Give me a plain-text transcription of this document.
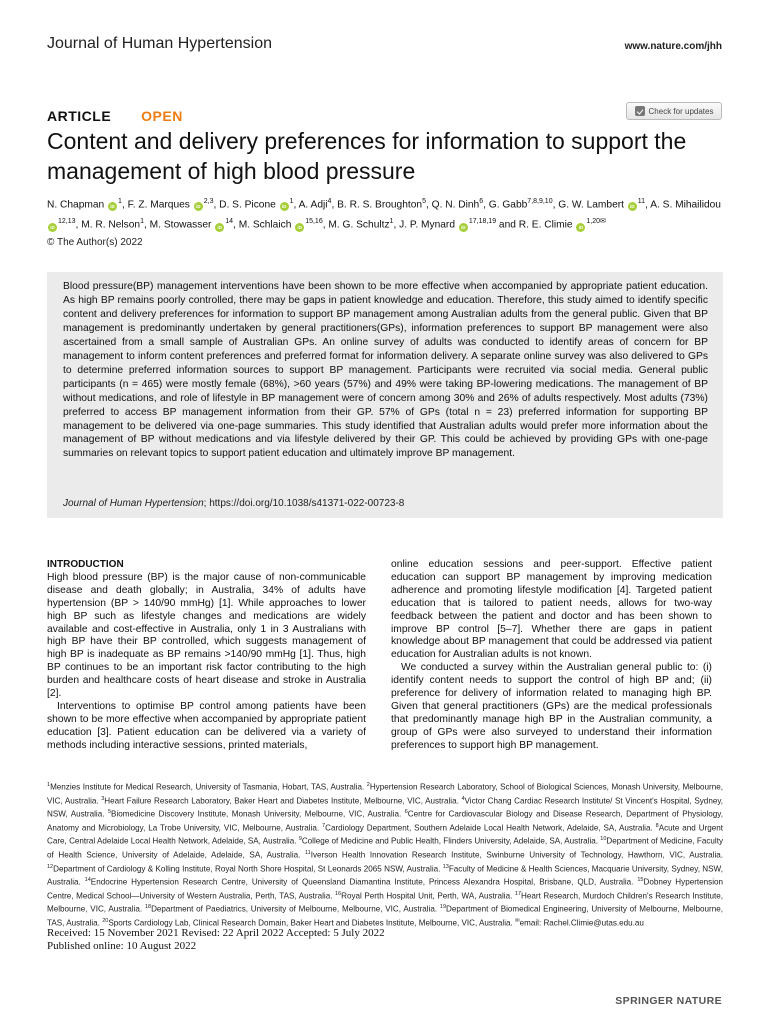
Journal of Human Hypertension	www.nature.com/jhh
ARTICLE OPEN	Check for updates
Content and delivery preferences for information to support the management of high blood pressure
N. Chapman $iD^1$, F. Z. Marques iD$^{2,3}$, D. S. Picone $iD^1$, A. Adji$^4$, B. R. S. Broughton$^5$, Q. N. Dinh$^6$, G. Gabb$^{7,8,9,10}$, G. W. Lambert $iD^{11}$, A. S. Mihailidou iD$^{12,13}$, M. R. Nelson$^1$, M. Stowasser $iD^{14}$, M. Schlaich iD$^{15,16}$, M. G. Schultz$^1$, J. P. Mynard iD$^{17,18,19}$ and R. E. Climie $iD^{1,20✉}$
© The Author(s) 2022
Blood pressure(BP) management interventions have been shown to be more effective when accompanied by appropriate patient education. As high BP remains poorly controlled, there may be gaps in patient knowledge and education. Therefore, this study aimed to identify specific content and delivery preferences for information to support BP management among Australian adults from the general public. Given that BP management is predominantly undertaken by general practitioners(GPs), information preferences to support BP management were also ascertained from a small sample of Australian GPs. An online survey of adults was conducted to identify areas of concern for BP management to inform content preferences and preferred format for information delivery. A separate online survey was also delivered to GPs to determine preferred information sources to support BP management. Participants were recruited via social media. General public participants (n = 465) were mostly female (68%), >60 years (57%) and 49% were taking BP-lowering medications. The management of BP without medications, and role of lifestyle in BP management were of concern among 30% and 26% of adults respectively. Most adults (73%) preferred to access BP management information from their GP. 57% of GPs (total n = 23) preferred information for supporting BP management to be delivered via one-page summaries. This study identified that Australian adults would prefer more information about the management of BP without medications and via lifestyle delivered by their GP. This could be achieved by providing GPs with one-page summaries on relevant topics to support patient education and ultimately improve BP management.
Journal of Human Hypertension; https://doi.org/10.1038/s41371-022-00723-8

INTRODUCTION

High blood pressure (BP) is the major cause of non-communicable disease and death globally; in Australia, 34% of adults have hypertension (BP > 140/90 mmHg) [1]. While approaches to lower high BP such as lifestyle changes and medications are widely available and cost-effective in Australia, only 1 in 3 Australians with high BP have their BP controlled, which suggests management of high BP is inadequate as BP remains >140/90 mmHg [1]. Thus, high BP continues to be an important risk factor contributing to the high burden and healthcare costs of heart disease and stroke in Australia [2].

Interventions to optimise BP control among patients have been shown to be more effective when accompanied by appropriate patient education [3]. Patient education can be delivered via a variety of methods including interactive sessions, printed materials,

online education sessions and peer-support. Effective patient education can support BP management by improving medication adherence and promoting lifestyle modification [4]. Targeted patient education that is tailored to patient needs, allows for two-way feedback between the patient and doctor and has been shown to improve BP control [5–7]. Whether there are gaps in patient knowledge about BP management that could be addressed via patient education for Australian adults is not known.

We conducted a survey within the Australian general public to: (i) identify content needs to support the control of high BP and; (ii) preference for delivery of information related to managing high BP. Given that general practitioners (GPs) are the medical professionals that predominantly manage high BP in the Australian community, a group of GPs were also surveyed to understand their information preferences to support high BP management.

$^1$Menzies Institute for Medical Research, University of Tasmania, Hobart, TAS, Australia. $^2$Hypertension Research Laboratory, School of Biological Sciences, Monash University, Melbourne, VIC, Australia. $^3$Heart Failure Research Laboratory, Baker Heart and Diabetes Institute, Melbourne, VIC, Australia. $^4$Victor Chang Cardiac Research Institute/ St Vincent's Hospital, Sydney, NSW, Australia. $^5$Biomedicine Discovery Institute, Monash University, Melbourne, VIC, Australia. $^6$Centre for Cardiovascular Biology and Disease Research, Department of Physiology, Anatomy and Microbiology, La Trobe University, VIC, Melbourne, Australia. $^7$Cardiology Department, Southern Adelaide Local Health Network, Adelaide, SA, Australia. $^8$Acute and Urgent Care, Central Adelaide Local Health Network, Adelaide, SA, Australia. $^9$College of Medicine and Public Health, Flinders University, Adelaide, SA, Australia. $^{10}$Department of Medicine, Faculty of Health Science, University of Adelaide, Adelaide, SA, Australia. $^{11}$Iverson Health Innovation Research Institute, Swinburne University of Technology, Hawthorn, VIC, Australia. $^{12}$Department of Cardiology & Kolling Institute, Royal North Shore Hospital, St Leonards 2065 NSW, Australia. $^{13}$Faculty of Medicine & Health Sciences, Macquarie University, Sydney, NSW, Australia. $^{14}$Endocrine Hypertension Research Centre, University of Queensland Diamantina Institute, Princess Alexandra Hospital, Brisbane, QLD, Australia. $^{15}$Dobney Hypertension Centre, Medical School—University of Western Australia, Perth, TAS, Australia. $^{16}$Royal Perth Hospital Unit, Perth, WA, Australia. $^{17}$Heart Research, Murdoch Children's Research Institute, Melbourne, VIC, Australia. $^{18}$Department of Paediatrics, University of Melbourne, Melbourne, VIC, Australia. $^{19}$Department of Biomedical Engineering, University of Melbourne, Melbourne, TAS, Australia. $^{20}$Sports Cardiology Lab, Clinical Research Domain, Baker Heart and Diabetes Institute, Melbourne, VIC, Australia. ✉email: Rachel.Climie@utas.edu.au
Received: 15 November 2021 Revised: 22 April 2022 Accepted: 5 July 2022
Published online: 10 August 2022
SPRINGER NATURE
